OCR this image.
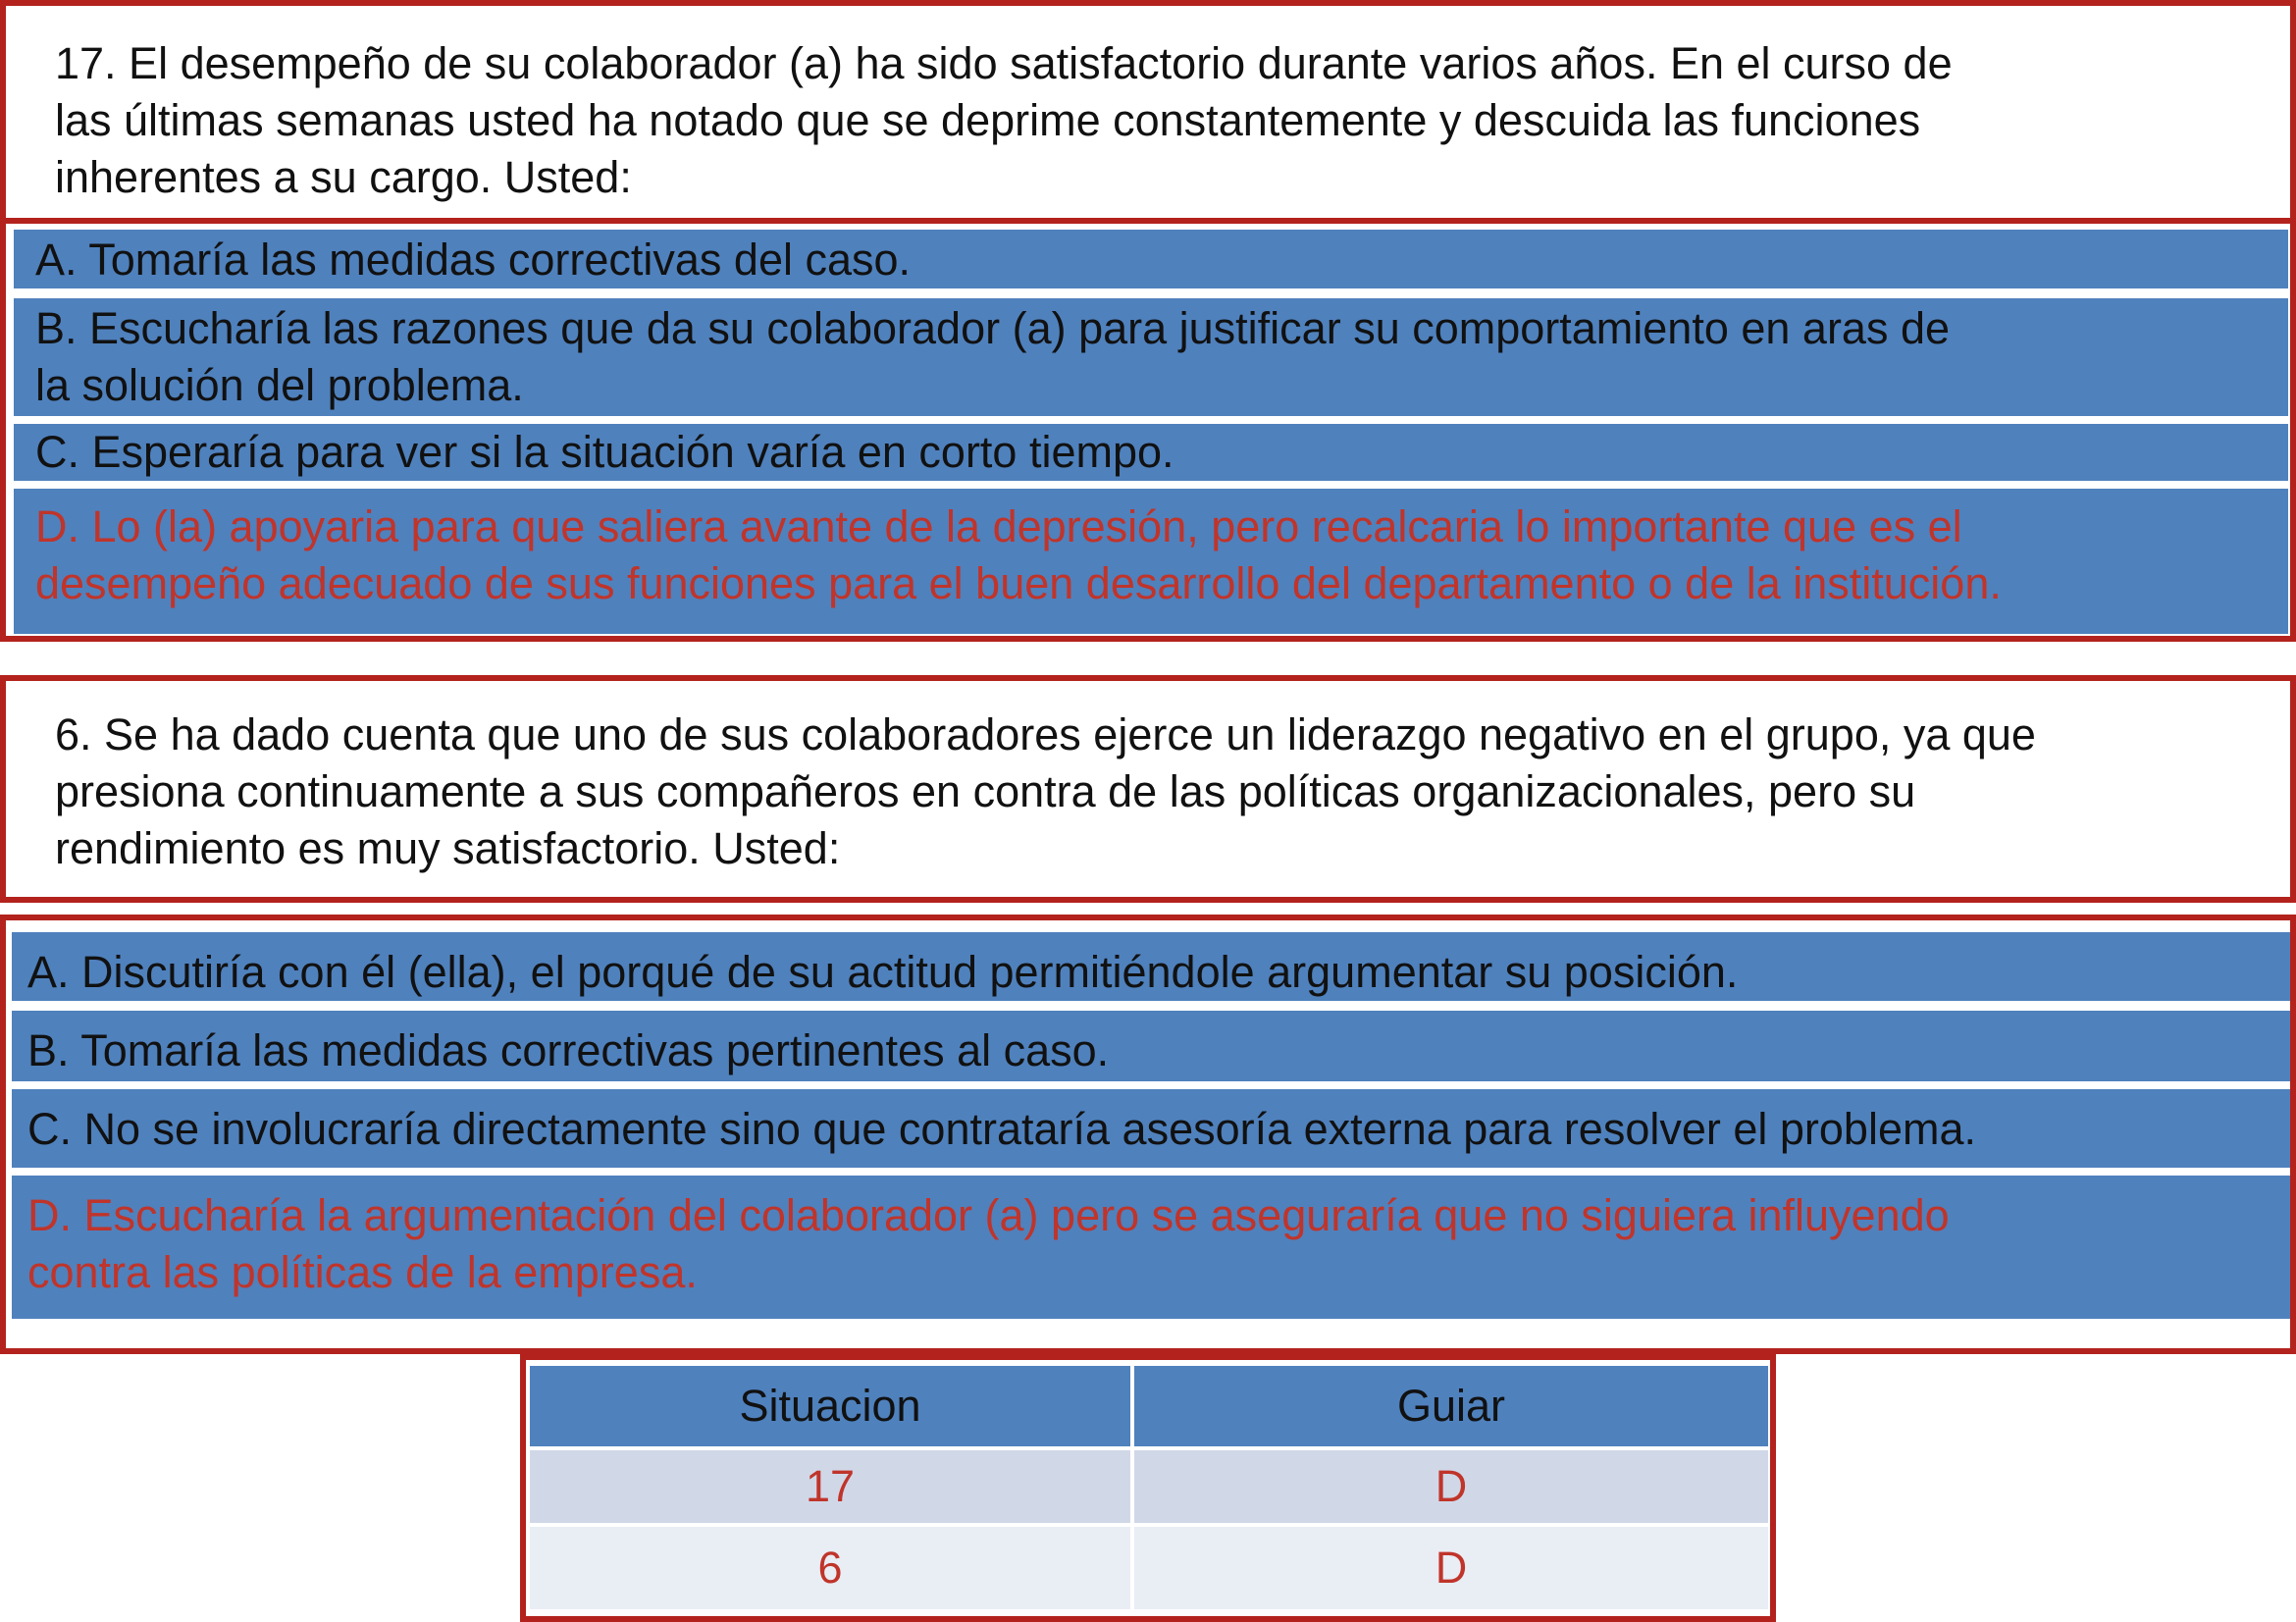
17. El desempeño de su colaborador (a) ha sido satisfactorio durante varios años. En el curso de
las últimas semanas usted ha notado que se deprime constantemente y descuida las funciones
inherentes a su cargo. Usted:

A. Tomaría las medidas correctivas del caso.
B. Escucharía las razones que da su colaborador (a) para justificar su comportamiento en aras de
la solución del problema.
C. Esperaría para ver si la situación varía en corto tiempo.
D. Lo (la) apoyaria para que saliera avante de la depresión, pero recalcaria lo importante que es el
desempeño adecuado de sus funciones para el buen desarrollo del departamento o de la institución.

6. Se ha dado cuenta que uno de sus colaboradores ejerce un liderazgo negativo en el grupo, ya que
presiona continuamente a sus compañeros en contra de las políticas organizacionales, pero su
rendimiento es muy satisfactorio. Usted:

A. Discutiría con él (ella), el porqué de su actitud permitiéndole argumentar su posición.
B. Tomaría las medidas correctivas pertinentes al caso.
C. No se involucraría directamente sino que contrataría asesoría externa para resolver el problema.
D. Escucharía la argumentación del colaborador (a) pero se aseguraría que no siguiera influyendo
contra las políticas de la empresa.
Situacion	Guiar
17	D
6	D
